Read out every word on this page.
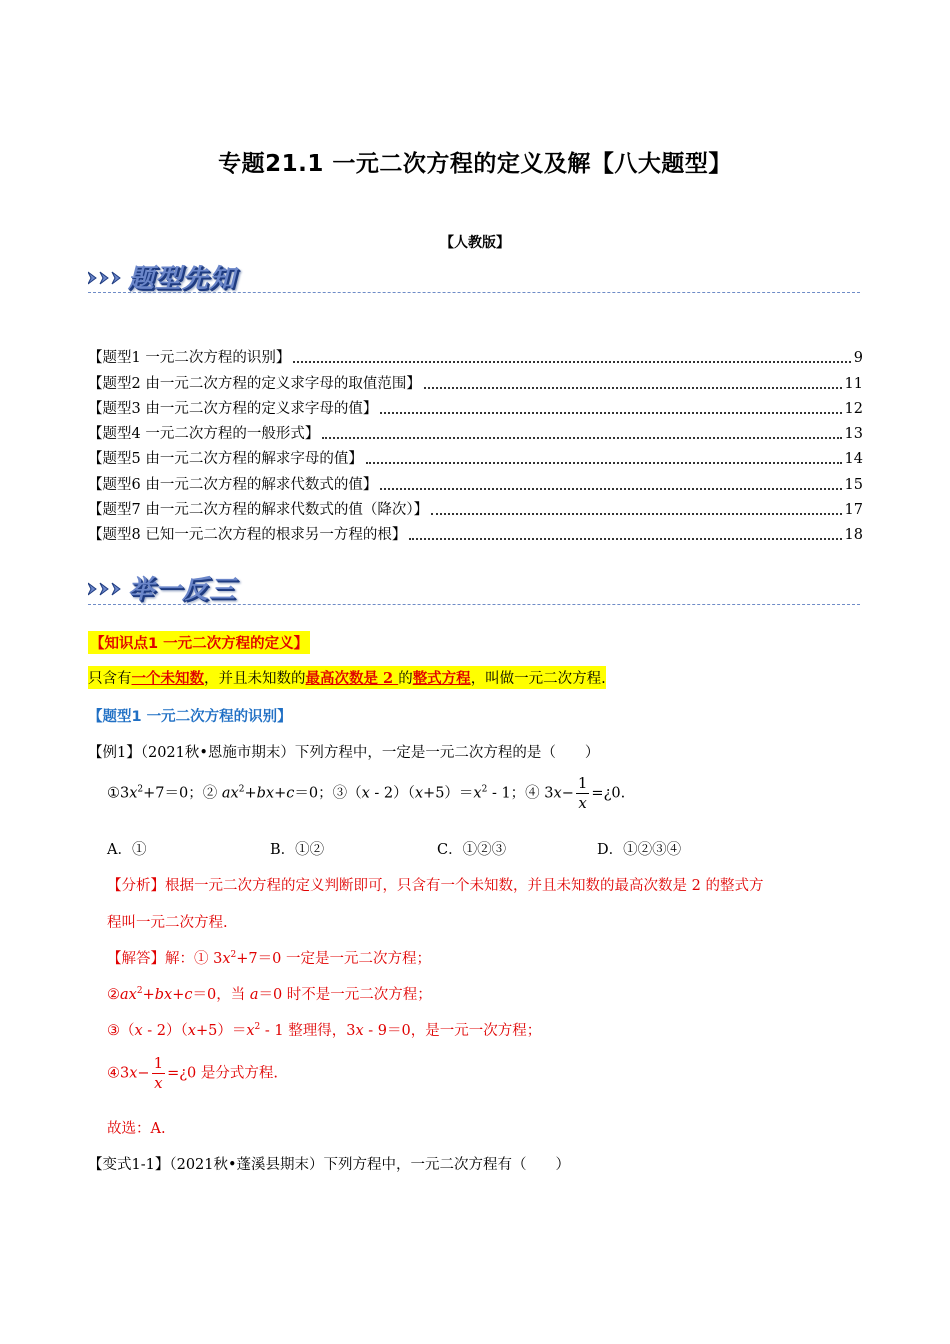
专题21.1 一元二次方程的定义及解【八大题型】
【人教版】
题型先知
【题型1 一元二次方程的识别】	9
【题型2 由一元二次方程的定义求字母的取值范围】	11
【题型3 由一元二次方程的定义求字母的值】	12
【题型4 一元二次方程的一般形式】	13
【题型5 由一元二次方程的解求字母的值】	14
【题型6 由一元二次方程的解求代数式的值】	15
【题型7 由一元二次方程的解求代数式的值（降次）】	17
【题型8 已知一元二次方程的根求另一方程的根】	18
举一反三
【知识点1 一元二次方程的定义】
只含有一个未知数，并且未知数的最高次数是 2 的整式方程，叫做一元二次方程.
【题型1 一元二次方程的识别】
【例1】（2021秋•恩施市期末）下列方程中，一定是一元二次方程的是（　　）
$①3x^2+7=0$；② $ax^2+bx+c=0$；③（x - $2)(x+5)=x^2 - 1$；④ $3x- \frac{1}{x}$ =¿0.
A．①	B．①②	C．①②③	D．①②③④
【分析】根据一元二次方程的定义判断即可，只含有一个未知数，并且未知数的最高次数是 2 的整式方
程叫一元二次方程.
【解答】解：① $3x^2+7=0$ 一定是一元二次方程；
$②ax^2+bx+c=0$，当 a＝0 时不是一元二次方程；
③（x - $2)(x+5)=x^2 - 1$ 整理得，3x - 9＝0，是一元一次方程；
④3x− $\frac{1}{x}$ =¿0 是分式方程.
故选：A.
【变式1-1】（2021秋•蓬溪县期末）下列方程中，一元二次方程有（　　）
